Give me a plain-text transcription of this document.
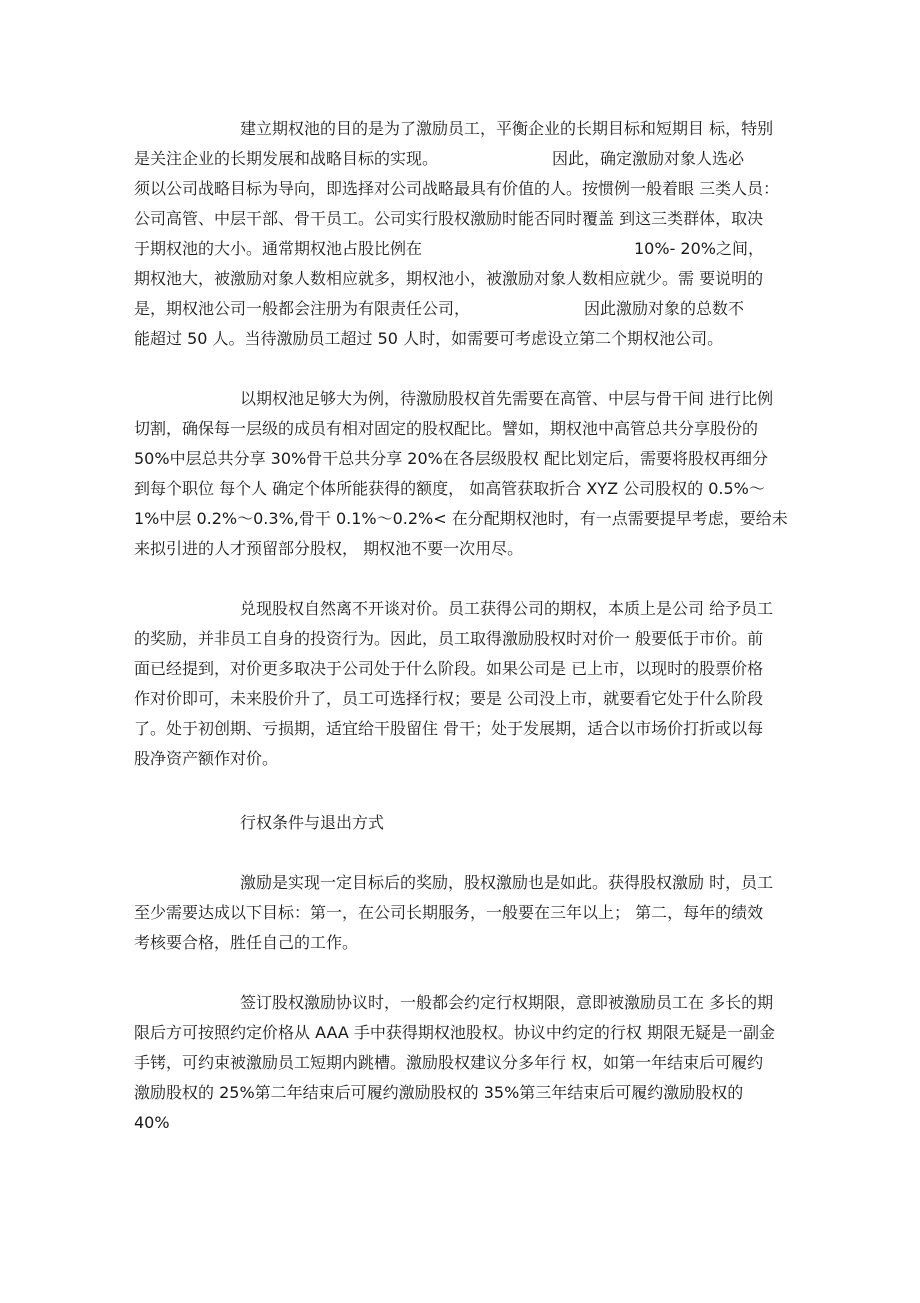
建立期权池的目的是为了激励员工，平衡企业的长期目标和短期目 标，特别
是关注企业的长期发展和战略目标的实现。	因此，确定激励对象人选必
须以公司战略目标为导向，即选择对公司战略最具有价值的人。按惯例一般着眼 三类人员：
公司高管、中层干部、骨干员工。公司实行股权激励时能否同时覆盖 到这三类群体，取决
于期权池的大小。通常期权池占股比例在	10%- 20%之间，
期权池大，被激励对象人数相应就多，期权池小，被激励对象人数相应就少。需 要说明的
是，期权池公司一般都会注册为有限责任公司，	因此激励对象的总数不
能超过 50 人。当待激励员工超过 50 人时，如需要可考虑设立第二个期权池公司。
以期权池足够大为例，待激励股权首先需要在高管、中层与骨干间 进行比例
切割，确保每一层级的成员有相对固定的股权配比。譬如，期权池中高管总共分享股份的
50%中层总共分享 30%骨干总共分享 20%在各层级股权 配比划定后，需要将股权再细分
到每个职位 每个人 确定个体所能获得的额度， 如高管获取折合 XYZ 公司股权的 0.5%～
1%中层 0.2%～0.3%,骨干 0.1%～0.2%< 在分配期权池时，有一点需要提早考虑，要给未
来拟引进的人才预留部分股权， 期权池不要一次用尽。
兑现股权自然离不开谈对价。员工获得公司的期权，本质上是公司 给予员工
的奖励，并非员工自身的投资行为。因此，员工取得激励股权时对价一 般要低于市价。前
面已经提到，对价更多取决于公司处于什么阶段。如果公司是 已上市，以现时的股票价格
作对价即可，未来股价升了，员工可选择行权；要是 公司没上市，就要看它处于什么阶段
了。处于初创期、亏损期，适宜给干股留住 骨干；处于发展期，适合以市场价打折或以每
股净资产额作对价。
行权条件与退出方式
激励是实现一定目标后的奖励，股权激励也是如此。获得股权激励 时，员工
至少需要达成以下目标：第一，在公司长期服务，一般要在三年以上； 第二，每年的绩效
考核要合格，胜任自己的工作。
签订股权激励协议时，一般都会约定行权期限，意即被激励员工在 多长的期
限后方可按照约定价格从 AAA 手中获得期权池股权。协议中约定的行权 期限无疑是一副金
手铐，可约束被激励员工短期内跳槽。激励股权建议分多年行 权，如第一年结束后可履约
激励股权的 25%第二年结束后可履约激励股权的 35%第三年结束后可履约激励股权的
40%
